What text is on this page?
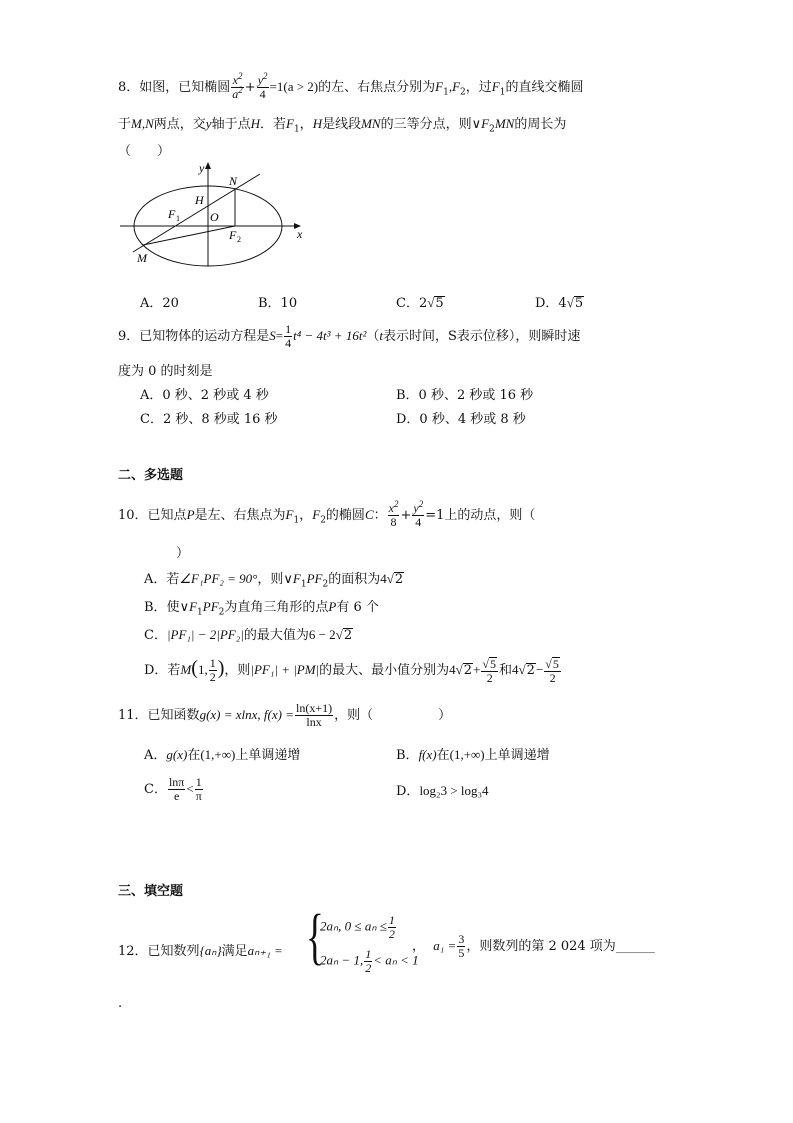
8．如图，已知椭圆 $\frac{x^2}{a^2} + \frac{y^2}{4} =1(a > 2)$的左、右焦点分别为$F_1,F_2$，过$F_1$的直线交椭圆
于M,N两点，交y轴于点H．若$F_1$，H是线段MN的三等分点，则$\vee F_2MN$的周长为
（　　）
y
x
N
H
F 1	O
F 2
M
A．20	B．10	C．2√5	D．4√5
9．已知物体的运动方程是$S= \frac{1}{4} t^4 - 4t^3 + 16t^2(t$表示时间，S表示位移），则瞬时速
度为 0 的时刻是
A．0 秒、2 秒或 4 秒	B．0 秒、2 秒或 16 秒
C．2 秒、8 秒或 16 秒	D．0 秒、4 秒或 8 秒
二、多选题
10．已知点P是左、右焦点为$F_1$，$F_2$的椭圆C： $\frac{x^2}{8} + \frac{y^2}{4} =1$上的动点，则（
）
A．若∠F₁PF₂ = 90°，则$\vee F_1PF_2$的面积为4√2
B．使$\vee F_1PF_2$为直角三角形的点P有 6 个
C．|PF₁| − 2|PF₂|的最大值为6 − 2√2
D．若M(1, $\frac{1}{2}$ )，则|PF₁| + |PM|的最大、最小值分别为$4√2+ \frac{√5}{2}$ 和$4√2- \frac{√5}{2}$
11．已知函数g(x) = xlnx, $f(x) = \frac{\ln(x+1)}{\ln x}$ ，则（　　　　　）
A．g(x)在(1,+∞)上单调递增	B．f(x)在(1,+∞)上单调递增
C． $\frac{\ln\pi}{e} < \frac{1}{\pi}$	D．log₂3 > log₃4
三、填空题
12．已知数列{aₙ}满足aₙ₊₁ = {
2aₙ, $0 \le a_n \le \frac{1}{2}$
2aₙ − 1, $\frac{1}{2} < a_n < 1$
， $a_1 = \frac{3}{5}$ ，则数列的第 2 024 项为______
.
